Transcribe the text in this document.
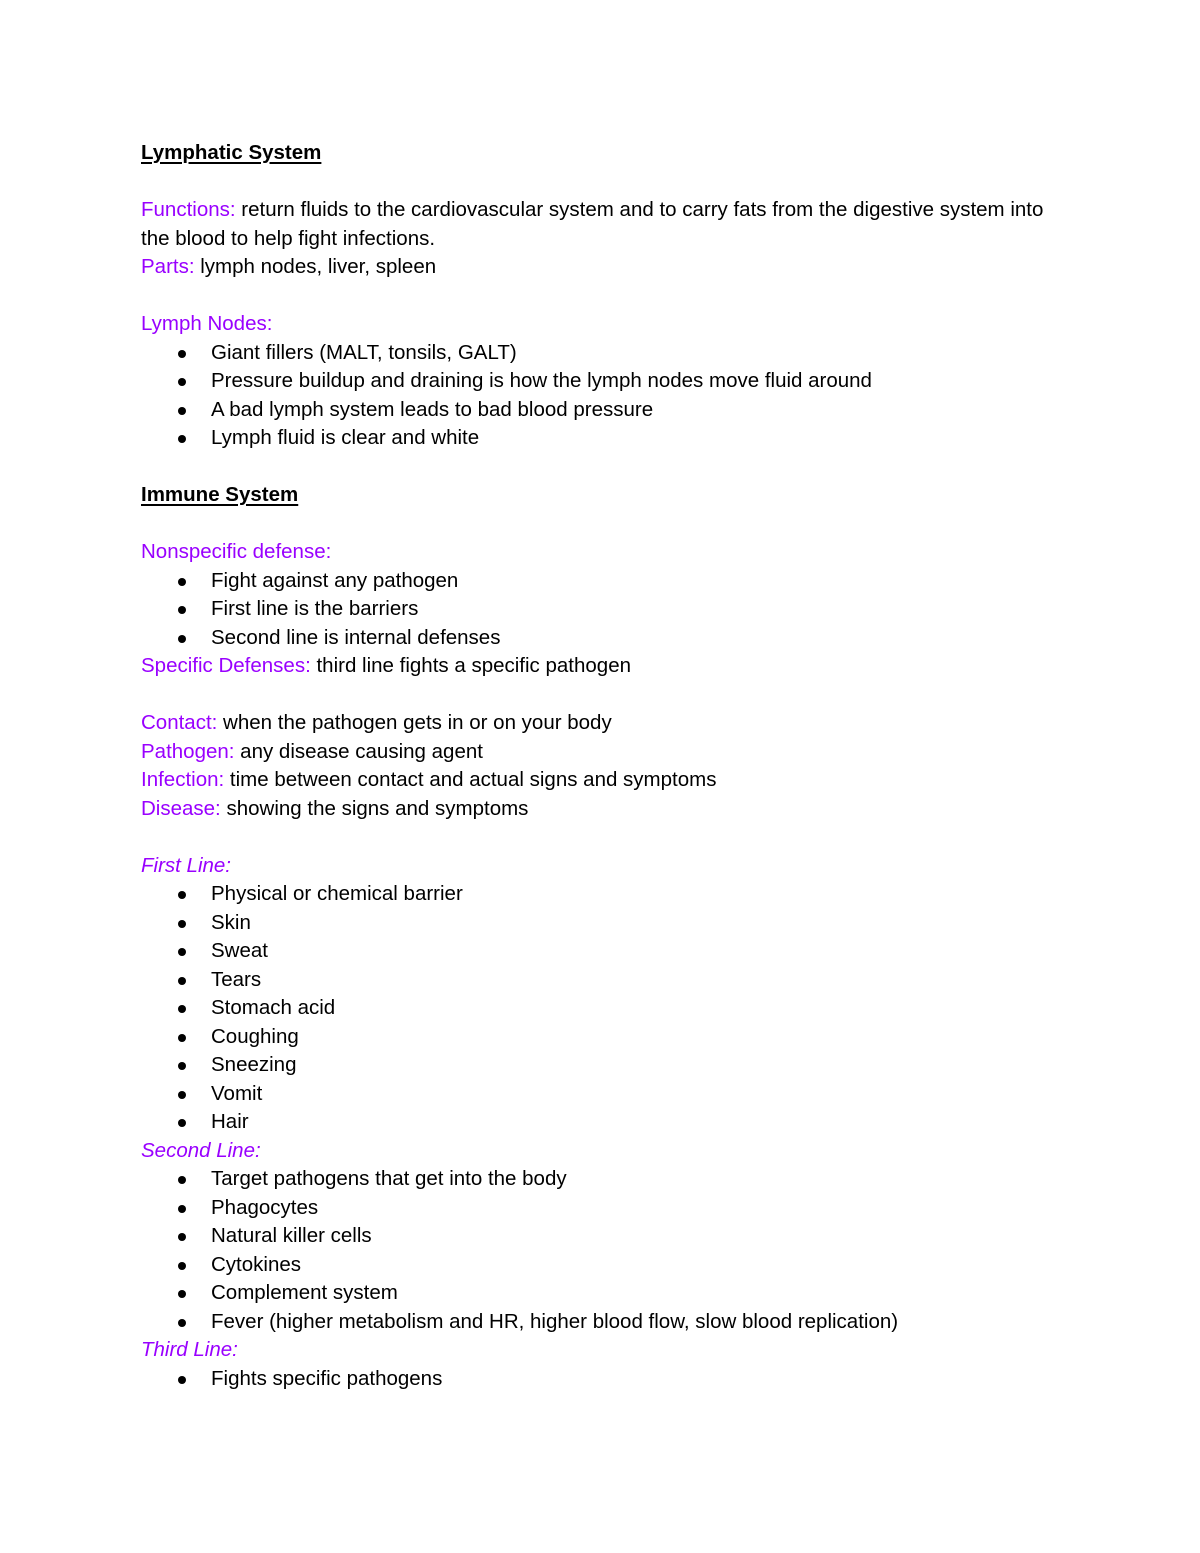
Lymphatic System

Functions: return fluids to the cardiovascular system and to carry fats from the digestive system into the blood to help fight infections.

Parts: lymph nodes, liver, spleen

Lymph Nodes:

Giant fillers (MALT, tonsils, GALT)
Pressure buildup and draining is how the lymph nodes move fluid around
A bad lymph system leads to bad blood pressure
Lymph fluid is clear and white

Immune System

Nonspecific defense:

Fight against any pathogen
First line is the barriers
Second line is internal defenses

Specific Defenses: third line fights a specific pathogen

Contact: when the pathogen gets in or on your body

Pathogen: any disease causing agent

Infection: time between contact and actual signs and symptoms

Disease: showing the signs and symptoms

First Line:

Physical or chemical barrier
Skin
Sweat
Tears
Stomach acid
Coughing
Sneezing
Vomit
Hair

Second Line:

Target pathogens that get into the body
Phagocytes
Natural killer cells
Cytokines
Complement system
Fever (higher metabolism and HR, higher blood flow, slow blood replication)

Third Line:

Fights specific pathogens
